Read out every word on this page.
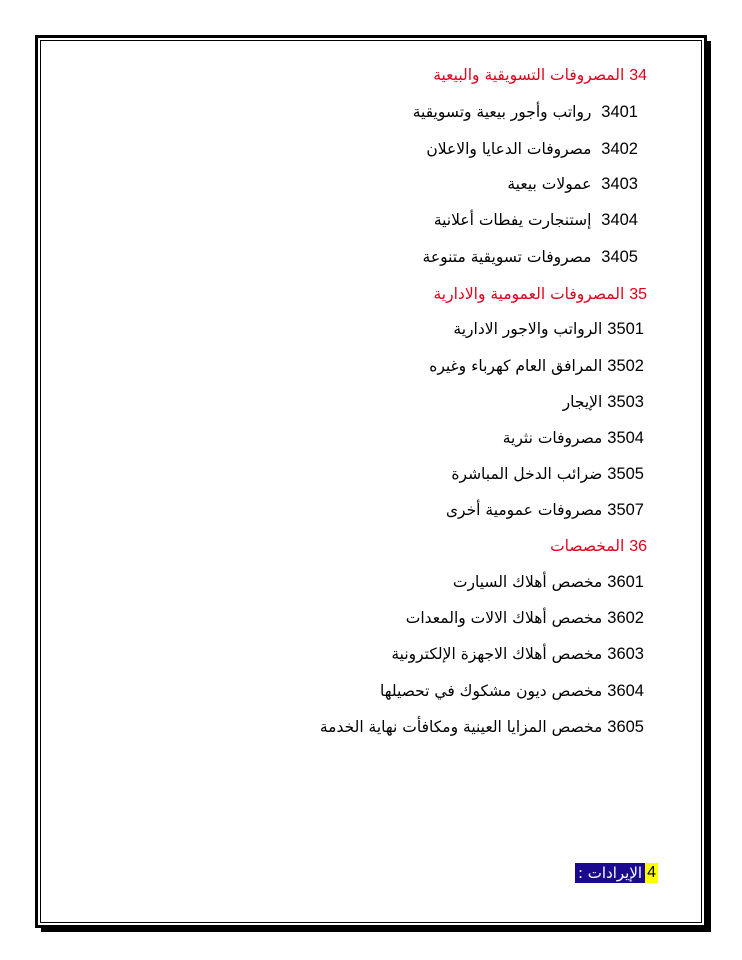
34 المصروفات التسويقية والبيعية
3401  رواتب وأجور بيعية وتسويقية
3402  مصروفات الدعايا والاعلان
3403  عمولات بيعية
3404  إستنجارت يفطات أعلانية
3405  مصروفات تسويقية متنوعة
35 المصروفات العمومية والادارية
3501 الرواتب والاجور الادارية
3502 المرافق العام كهرباء وغيره
3503 الإيجار
3504 مصروفات نثرية
3505 ضرائب الدخل المباشرة
3507 مصروفات عمومية أخرى
36 المخصصات
3601 مخصص أهلاك السيارت
3602 مخصص أهلاك الالات والمعدات
3603 مخصص أهلاك الاجهزة الإلكترونية
3604 مخصص ديون مشكوك في تحصيلها
3605 مخصص المزايا العينية ومكافأت نهاية الخدمة
4
الإيرادات :
